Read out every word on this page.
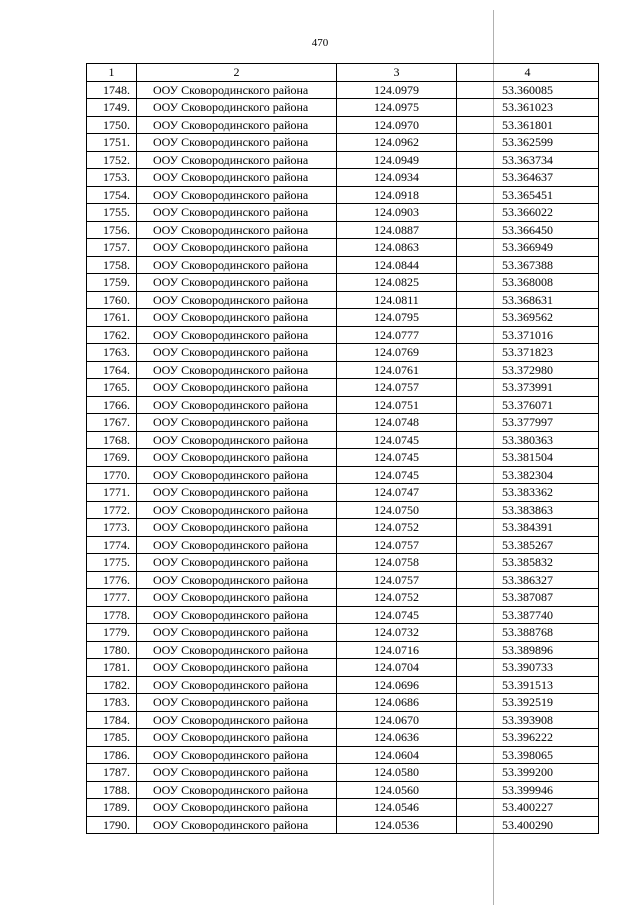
470
1	2	3	4
1748.	ООУ Сковородинского района	124.0979	53.360085
1749.	ООУ Сковородинского района	124.0975	53.361023
1750.	ООУ Сковородинского района	124.0970	53.361801
1751.	ООУ Сковородинского района	124.0962	53.362599
1752.	ООУ Сковородинского района	124.0949	53.363734
1753.	ООУ Сковородинского района	124.0934	53.364637
1754.	ООУ Сковородинского района	124.0918	53.365451
1755.	ООУ Сковородинского района	124.0903	53.366022
1756.	ООУ Сковородинского района	124.0887	53.366450
1757.	ООУ Сковородинского района	124.0863	53.366949
1758.	ООУ Сковородинского района	124.0844	53.367388
1759.	ООУ Сковородинского района	124.0825	53.368008
1760.	ООУ Сковородинского района	124.0811	53.368631
1761.	ООУ Сковородинского района	124.0795	53.369562
1762.	ООУ Сковородинского района	124.0777	53.371016
1763.	ООУ Сковородинского района	124.0769	53.371823
1764.	ООУ Сковородинского района	124.0761	53.372980
1765.	ООУ Сковородинского района	124.0757	53.373991
1766.	ООУ Сковородинского района	124.0751	53.376071
1767.	ООУ Сковородинского района	124.0748	53.377997
1768.	ООУ Сковородинского района	124.0745	53.380363
1769.	ООУ Сковородинского района	124.0745	53.381504
1770.	ООУ Сковородинского района	124.0745	53.382304
1771.	ООУ Сковородинского района	124.0747	53.383362
1772.	ООУ Сковородинского района	124.0750	53.383863
1773.	ООУ Сковородинского района	124.0752	53.384391
1774.	ООУ Сковородинского района	124.0757	53.385267
1775.	ООУ Сковородинского района	124.0758	53.385832
1776.	ООУ Сковородинского района	124.0757	53.386327
1777.	ООУ Сковородинского района	124.0752	53.387087
1778.	ООУ Сковородинского района	124.0745	53.387740
1779.	ООУ Сковородинского района	124.0732	53.388768
1780.	ООУ Сковородинского района	124.0716	53.389896
1781.	ООУ Сковородинского района	124.0704	53.390733
1782.	ООУ Сковородинского района	124.0696	53.391513
1783.	ООУ Сковородинского района	124.0686	53.392519
1784.	ООУ Сковородинского района	124.0670	53.393908
1785.	ООУ Сковородинского района	124.0636	53.396222
1786.	ООУ Сковородинского района	124.0604	53.398065
1787.	ООУ Сковородинского района	124.0580	53.399200
1788.	ООУ Сковородинского района	124.0560	53.399946
1789.	ООУ Сковородинского района	124.0546	53.400227
1790.	ООУ Сковородинского района	124.0536	53.400290
